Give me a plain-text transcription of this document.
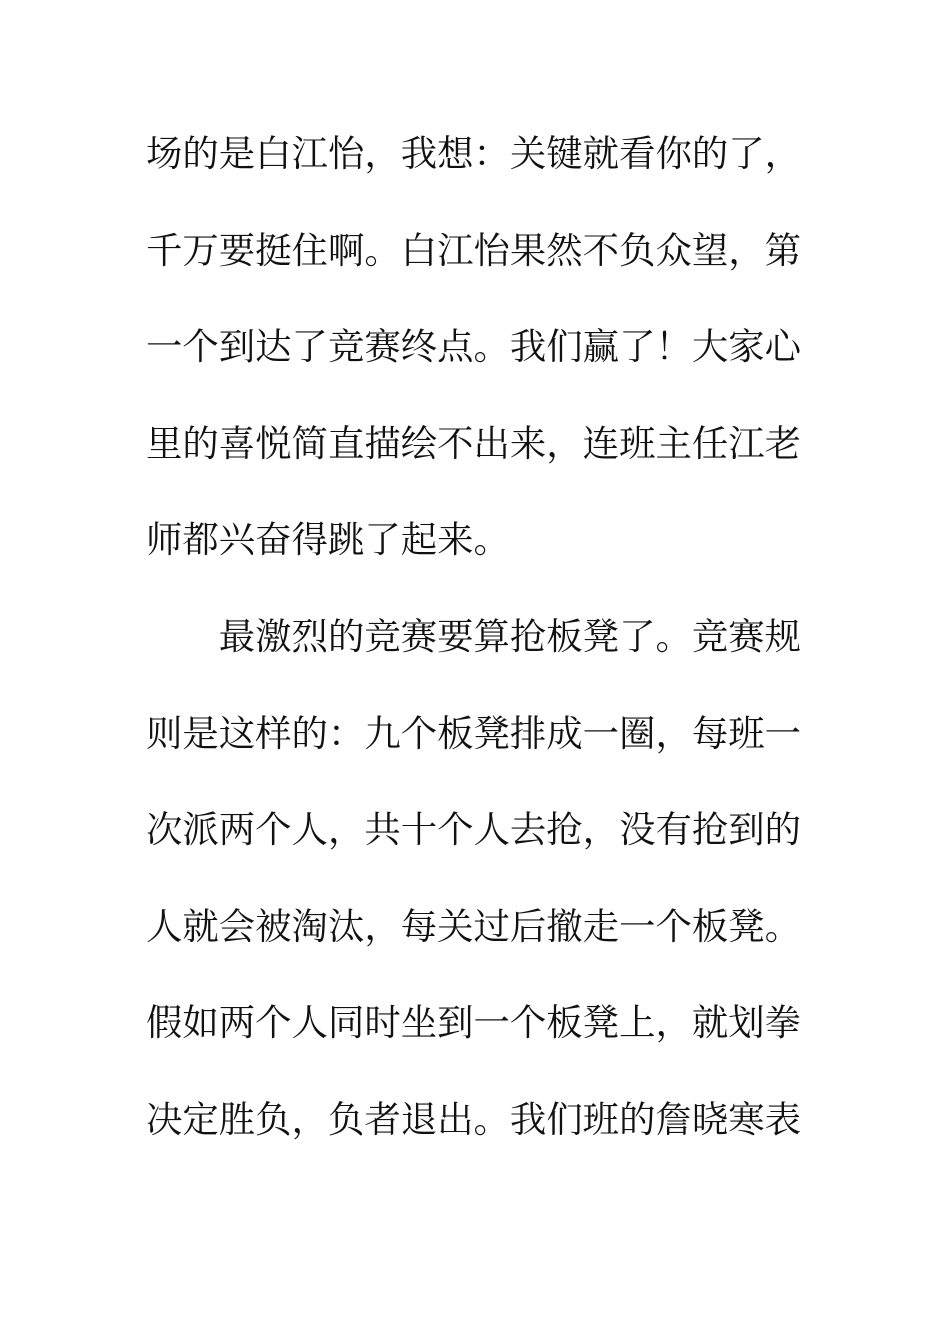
场的是白江怡，我想：关键就看你的了，
千万要挺住啊。白江怡果然不负众望，第
一个到达了竞赛终点。我们赢了！大家心
里的喜悦简直描绘不出来，连班主任江老
师都兴奋得跳了起来。
　　最激烈的竞赛要算抢板凳了。竞赛规
则是这样的：九个板凳排成一圈，每班一
次派两个人，共十个人去抢，没有抢到的
人就会被淘汰，每关过后撤走一个板凳。
假如两个人同时坐到一个板凳上，就划拳
决定胜负，负者退出。我们班的詹晓寒表
